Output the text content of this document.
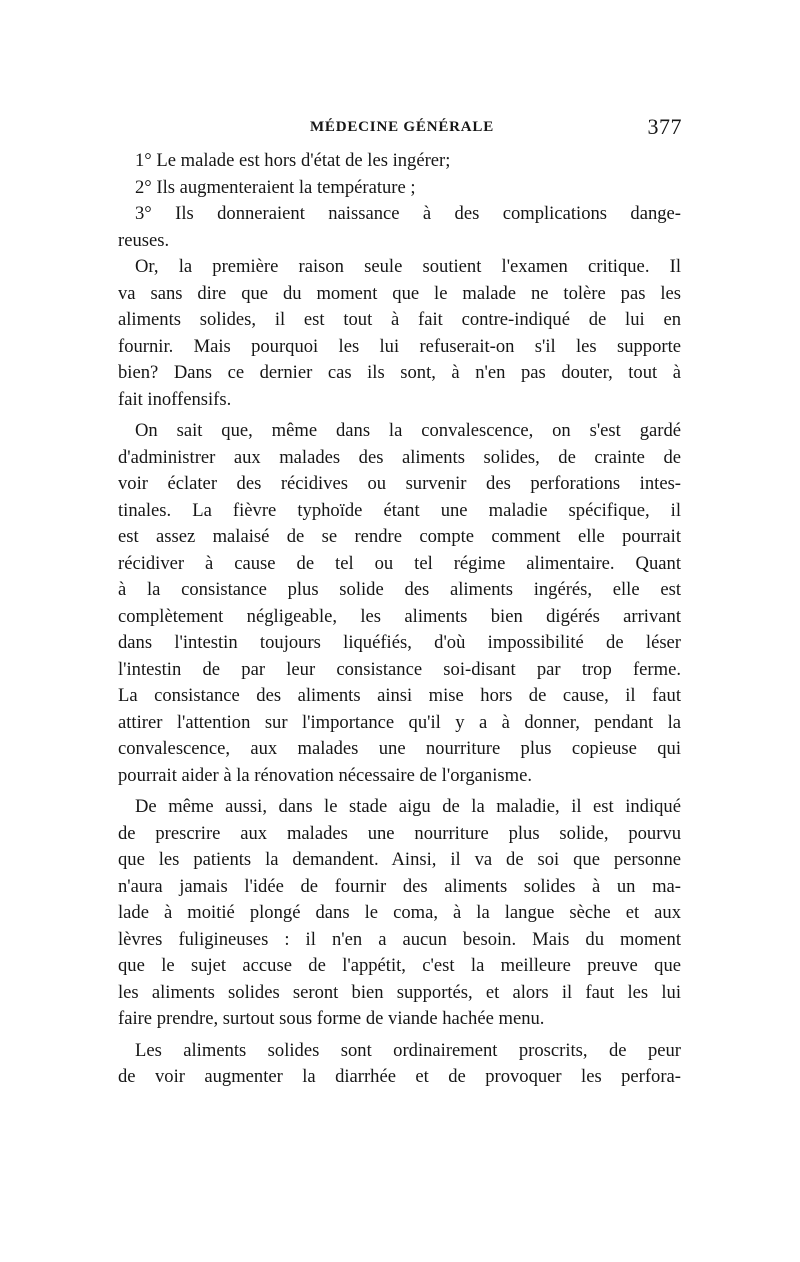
MÉDECINE GÉNÉRALE	377
1° Le malade est hors d'état de les ingérer;
2° Ils augmenteraient la température ;
3° Ils donneraient naissance à des complications dange-
reuses.
Or, la première raison seule soutient l'examen critique. Il
va sans dire que du moment que le malade ne tolère pas les
aliments solides, il est tout à fait contre-indiqué de lui en
fournir. Mais pourquoi les lui refuserait-on s'il les supporte
bien? Dans ce dernier cas ils sont, à n'en pas douter, tout à
fait inoffensifs.
On sait que, même dans la convalescence, on s'est gardé
d'administrer aux malades des aliments solides, de crainte de
voir éclater des récidives ou survenir des perforations intes-
tinales. La fièvre typhoïde étant une maladie spécifique, il
est assez malaisé de se rendre compte comment elle pourrait
récidiver à cause de tel ou tel régime alimentaire. Quant
à la consistance plus solide des aliments ingérés, elle est
complètement négligeable, les aliments bien digérés arrivant
dans l'intestin toujours liquéfiés, d'où impossibilité de léser
l'intestin de par leur consistance soi-disant par trop ferme.
La consistance des aliments ainsi mise hors de cause, il faut
attirer l'attention sur l'importance qu'il y a à donner, pendant la
convalescence, aux malades une nourriture plus copieuse qui
pourrait aider à la rénovation nécessaire de l'organisme.
De même aussi, dans le stade aigu de la maladie, il est indiqué
de prescrire aux malades une nourriture plus solide, pourvu
que les patients la demandent. Ainsi, il va de soi que personne
n'aura jamais l'idée de fournir des aliments solides à un ma-
lade à moitié plongé dans le coma, à la langue sèche et aux
lèvres fuligineuses : il n'en a aucun besoin. Mais du moment
que le sujet accuse de l'appétit, c'est la meilleure preuve que
les aliments solides seront bien supportés, et alors il faut les lui
faire prendre, surtout sous forme de viande hachée menu.
Les aliments solides sont ordinairement proscrits, de peur
de voir augmenter la diarrhée et de provoquer les perfora-
